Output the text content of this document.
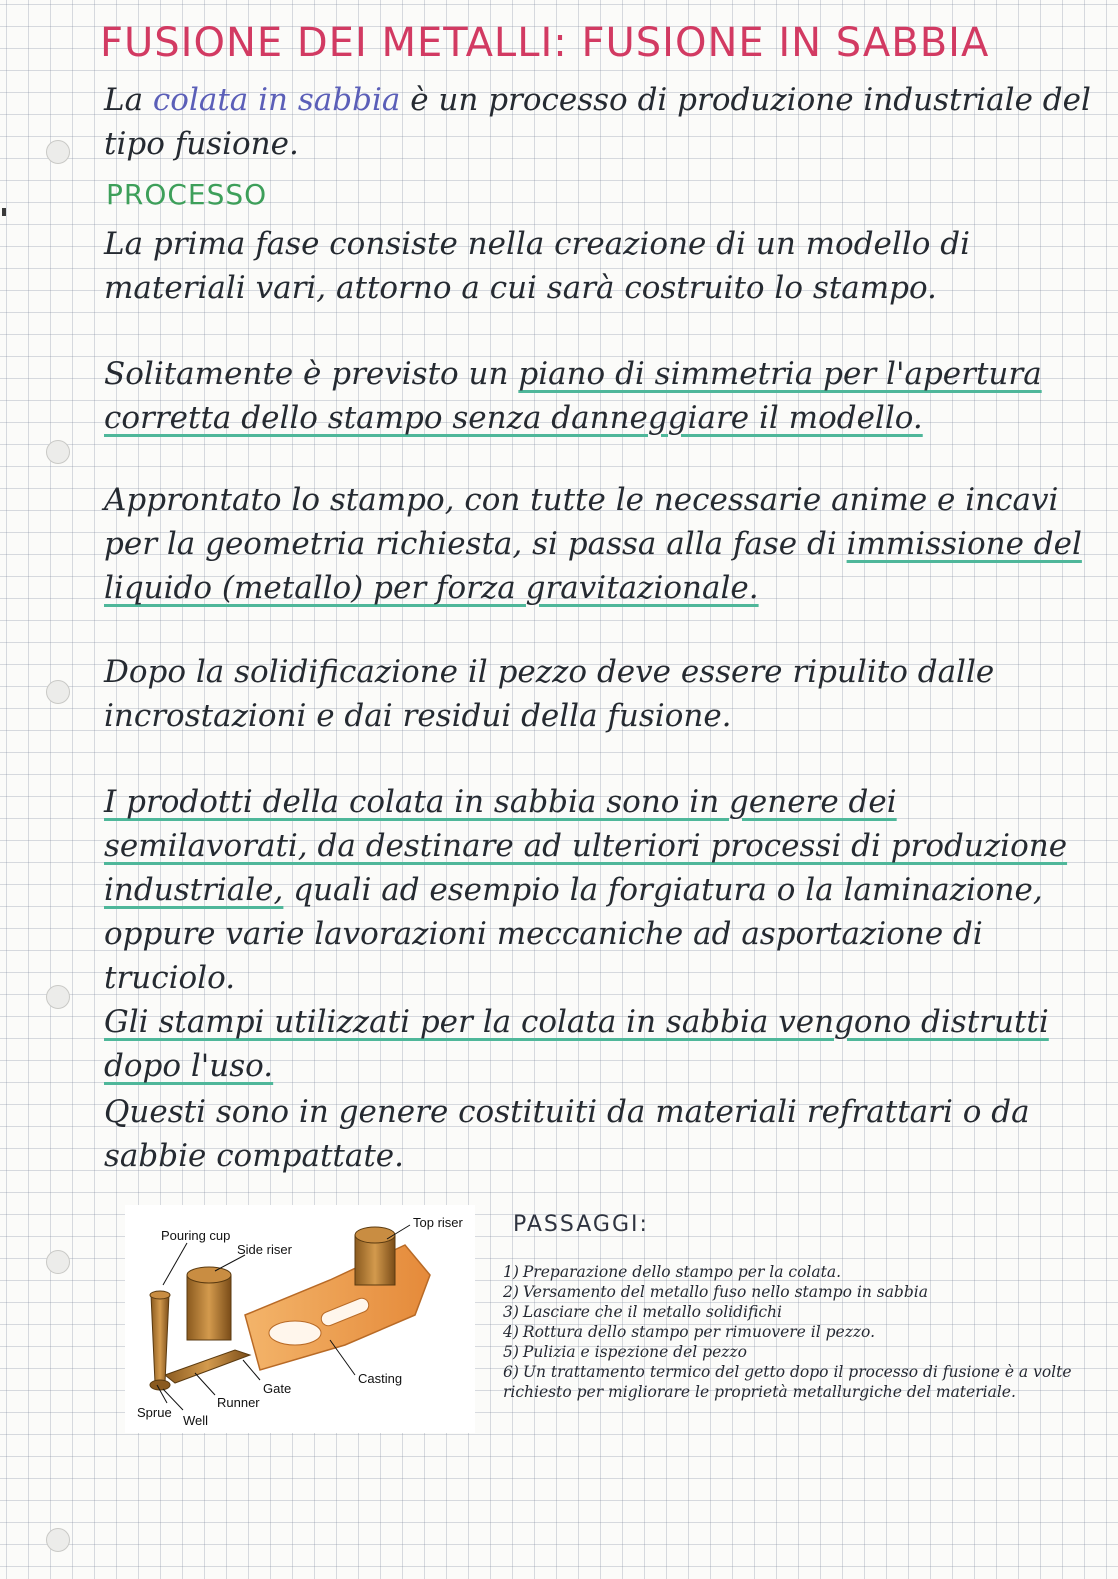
FUSIONE DEI METALLI: FUSIONE IN SABBIA

La colata in sabbia è un processo di produzione industriale del tipo fusione.

PROCESSO

La prima fase consiste nella creazione di un modello di materiali vari, attorno a cui sarà costruito lo stampo.

Solitamente è previsto un piano di simmetria per l'apertura corretta dello stampo senza danneggiare il modello.

Approntato lo stampo, con tutte le necessarie anime e incavi per la geometria richiesta, si passa alla fase di immissione del liquido (metallo) per forza gravitazionale.

Dopo la solidificazione il pezzo deve essere ripulito dalle incrostazioni e dai residui della fusione.

I prodotti della colata in sabbia sono in genere dei semilavorati, da destinare ad ulteriori processi di produzione industriale, quali ad esempio la forgiatura o la laminazione, oppure varie lavorazioni meccaniche ad asportazione di truciolo.

Gli stampi utilizzati per la colata in sabbia vengono distrutti dopo l'uso.

Questi sono in genere costituiti da materiali refrattari o da sabbie compattate.

Pouring cup
Side riser
Top riser
Gate
Casting
Runner
Sprue
Well
PASSAGGI:
1) Preparazione dello stampo per la colata.
2) Versamento del metallo fuso nello stampo in sabbia
3) Lasciare che il metallo solidifichi
4) Rottura dello stampo per rimuovere il pezzo.
5) Pulizia e ispezione del pezzo
6) Un trattamento termico del getto dopo il processo di fusione è a volte richiesto per migliorare le proprietà metallurgiche del materiale.
